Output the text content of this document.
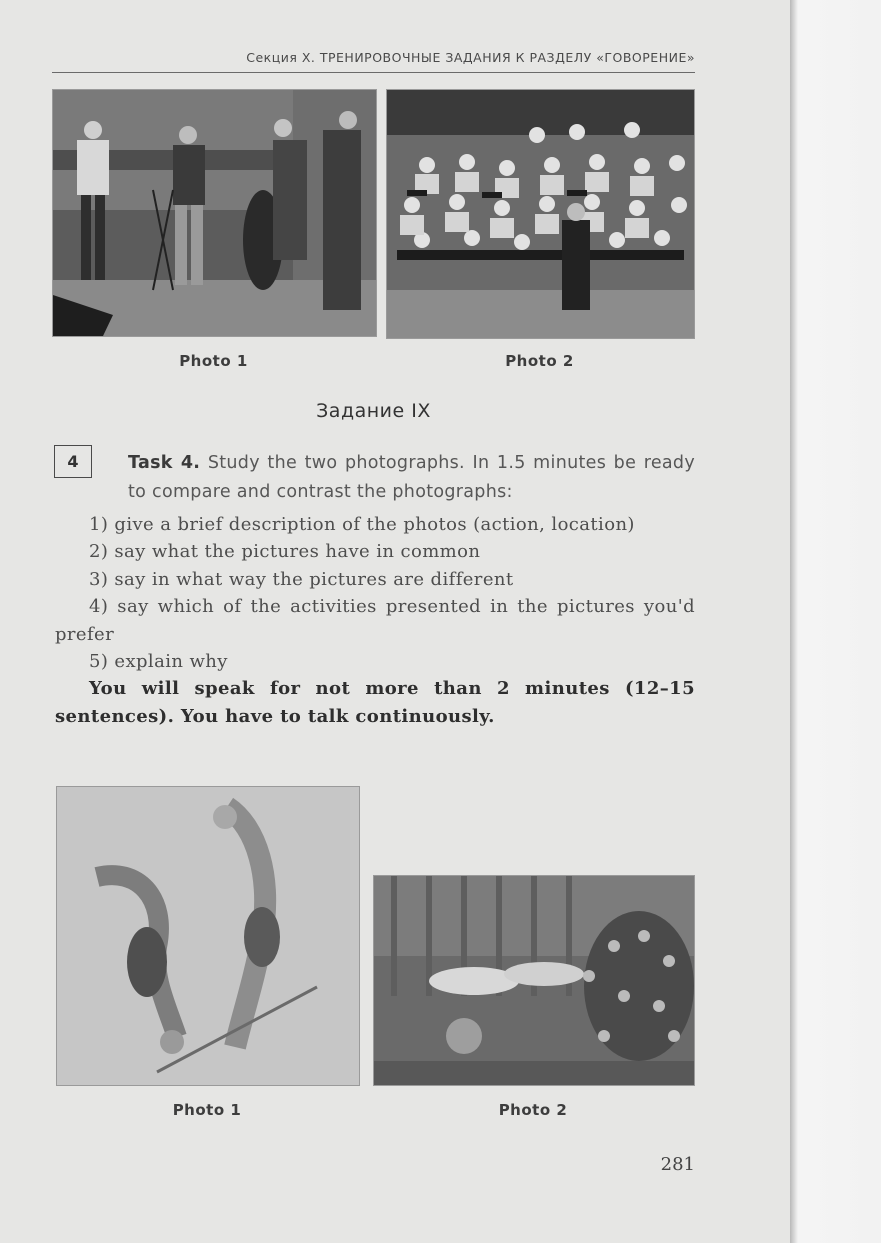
Секция X. ТРЕНИРОВОЧНЫЕ ЗАДАНИЯ К РАЗДЕЛУ «ГОВОРЕНИЕ»
Photo 1	Photo 2
Задание IX
4	Task 4. Study the two photographs. In 1.5 minutes be ready to compare and contrast the photographs:

1) give a brief description of the photos (action, location)

2) say what the pictures have in common

3) say in what way the pictures are different

4) say which of the activities presented in the pictures you'd prefer

5) explain why

You will speak for not more than 2 minutes (12–15 sentences). You have to talk continuously.

Photo 1	Photo 2
281
